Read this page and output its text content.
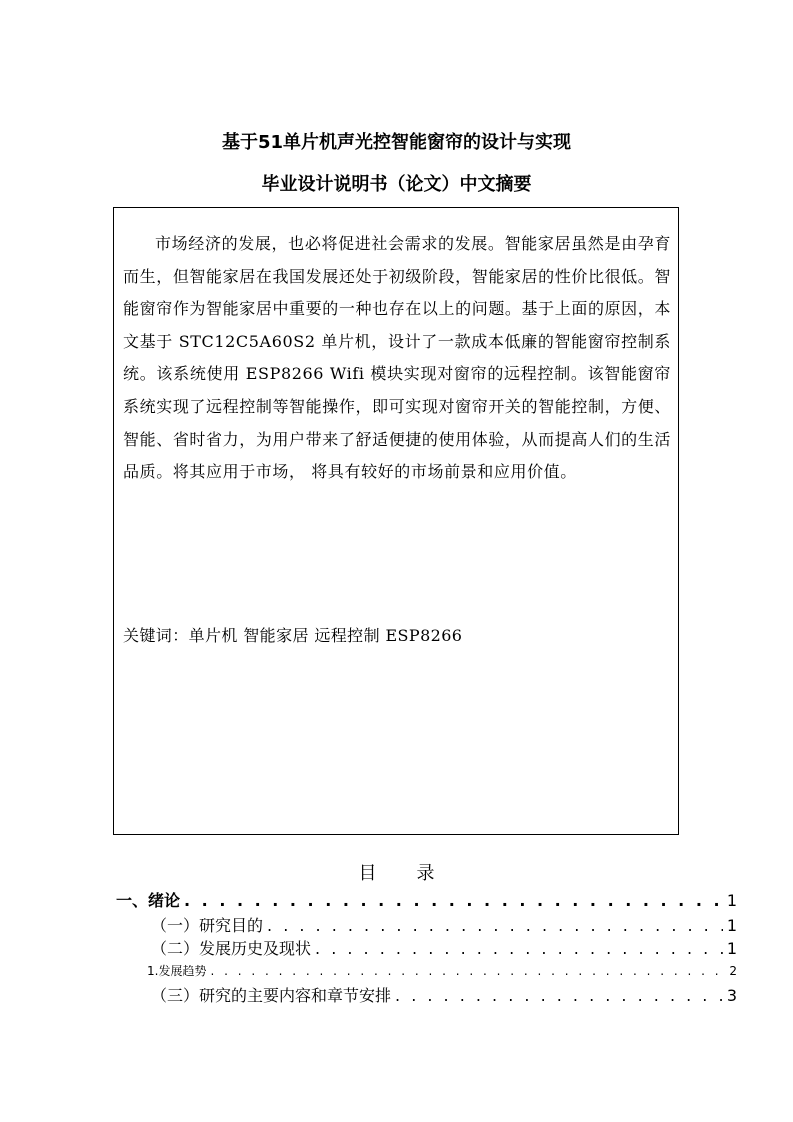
基于51单片机声光控智能窗帘的设计与实现
毕业设计说明书（论文）中文摘要

市场经济的发展，也必将促进社会需求的发展。智能家居虽然是由孕育而生，但智能家居在我国发展还处于初级阶段，智能家居的性价比很低。智能窗帘作为智能家居中重要的一种也存在以上的问题。基于上面的原因，本文基于 STC12C5A60S2 单片机，设计了一款成本低廉的智能窗帘控制系统。该系统使用 ESP8266 Wifi 模块实现对窗帘的远程控制。该智能窗帘系统实现了远程控制等智能操作，即可实现对窗帘开关的智能控制，方便、智能、省时省力，为用户带来了舒适便捷的使用体验，从而提高人们的生活品质。将其应用于市场， 将具有较好的市场前景和应用价值。

关键词：单片机 智能家居 远程控制 ESP8266
目录
一、绪论 . . .	1
（一）研究目的 . . .	1
（二）发展历史及现状 . . .	1
1.发展趋势 . . .	2
（三）研究的主要内容和章节安排 . . .	3
